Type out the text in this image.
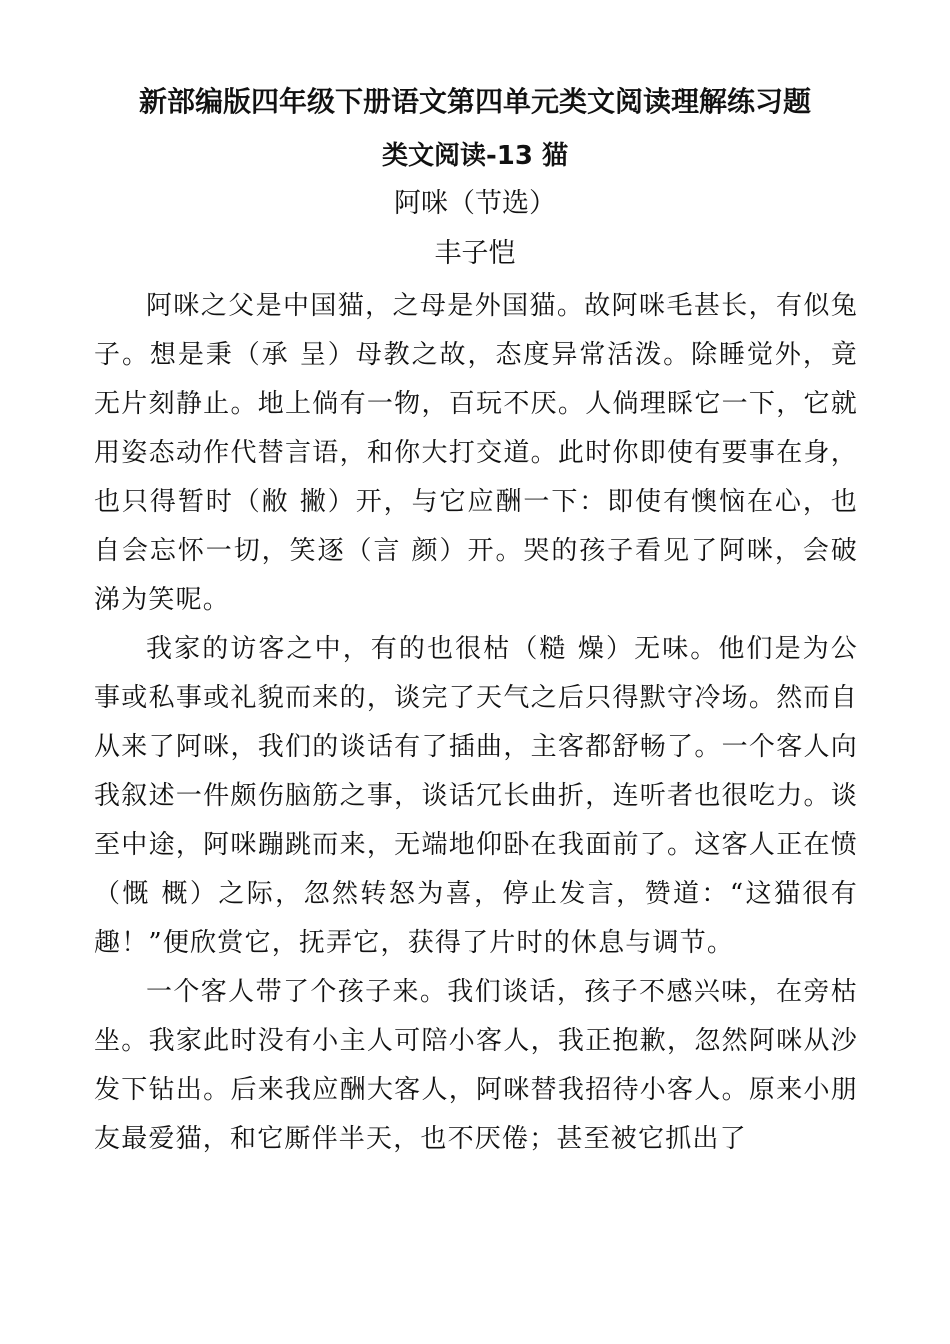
新部编版四年级下册语文第四单元类文阅读理解练习题
类文阅读-13 猫
阿咪（节选）
丰子恺

阿咪之父是中国猫，之母是外国猫。故阿咪毛甚长，有似兔子。想是秉（承 呈）母教之故，态度异常活泼。除睡觉外，竟无片刻静止。地上倘有一物，百玩不厌。人倘理睬它一下，它就用姿态动作代替言语，和你大打交道。此时你即使有要事在身，也只得暂时（敝 撇）开，与它应酬一下：即使有懊恼在心，也自会忘怀一切，笑逐（言 颜）开。哭的孩子看见了阿咪，会破涕为笑呢。

我家的访客之中，有的也很枯（糙 燥）无味。他们是为公事或私事或礼貌而来的，谈完了天气之后只得默守冷场。然而自从来了阿咪，我们的谈话有了插曲，主客都舒畅了。一个客人向我叙述一件颇伤脑筋之事，谈话冗长曲折，连听者也很吃力。谈至中途，阿咪蹦跳而来，无端地仰卧在我面前了。这客人正在愤（慨 概）之际，忽然转怒为喜，停止发言，赞道：“这猫很有趣！”便欣赏它，抚弄它，获得了片时的休息与调节。

一个客人带了个孩子来。我们谈话，孩子不感兴味，在旁枯坐。我家此时没有小主人可陪小客人，我正抱歉，忽然阿咪从沙发下钻出。后来我应酬大客人，阿咪替我招待小客人。原来小朋友最爱猫，和它厮伴半天，也不厌倦；甚至被它抓出了
